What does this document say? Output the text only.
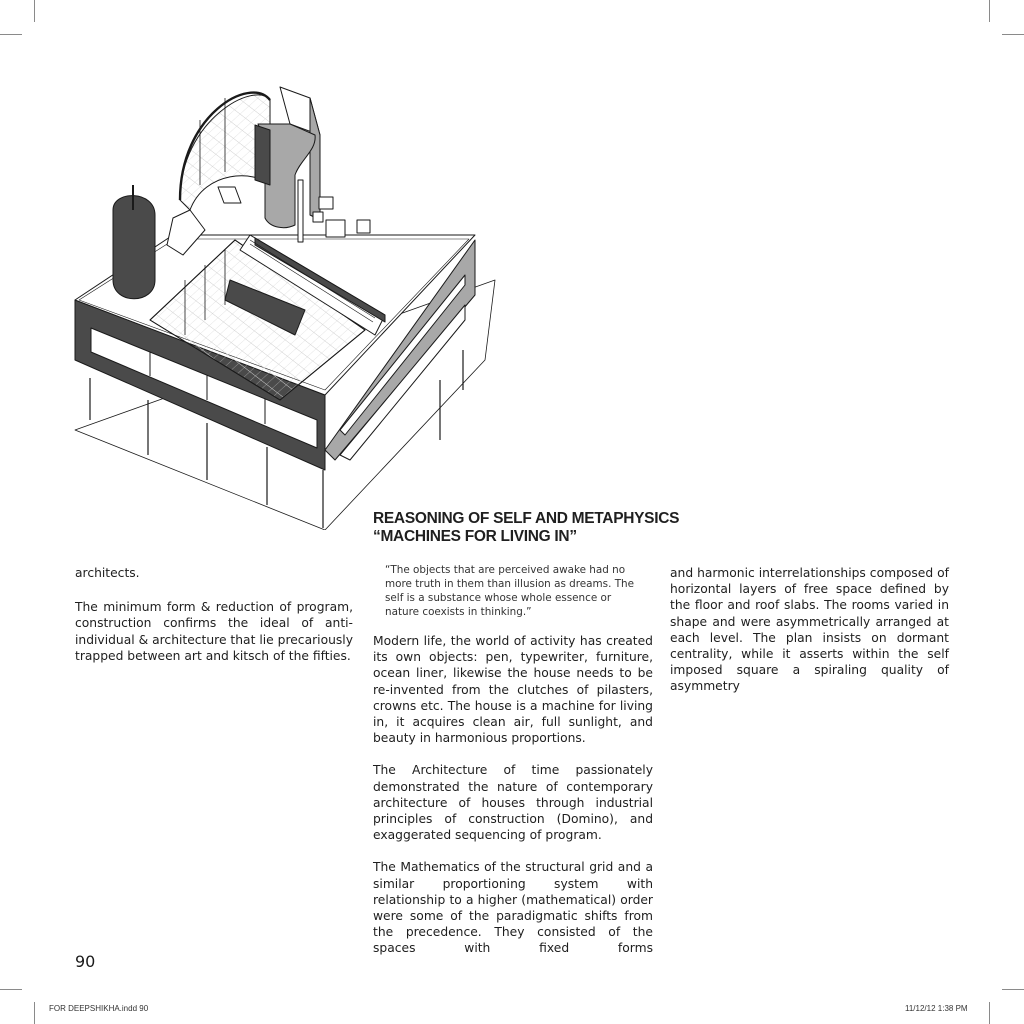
REASONING OF SELF AND METAPHYSICS
“MACHINES FOR LIVING IN”

architects.

The minimum form & reduction of program, construction confirms the ideal of anti-individual & architecture that lie precariously trapped between art and kitsch of the fifties.

“The objects that are perceived awake had no more truth in them than illusion as dreams. The self is a substance whose whole essence or nature coexists in thinking.”

Modern life, the world of activity has created its own objects: pen, typewriter, furniture, ocean liner, likewise the house needs to be re-invented from the clutches of pilasters, crowns etc. The house is a machine for living in, it acquires clean air, full sunlight, and beauty in harmonious proportions.

The Architecture of time passionately demonstrated the nature of contemporary architecture of houses through industrial principles of construction (Domino), and exaggerated sequencing of program.

The Mathematics of the structural grid and a similar proportioning system with relationship to a higher (mathematical) order were some of the paradigmatic shifts from the precedence. They consisted of the spaces with fixed forms

and harmonic interrelationships composed of horizontal layers of free space defined by the floor and roof slabs. The rooms varied in shape and were asymmetrically arranged at each level. The plan insists on dormant centrality, while it asserts within the self imposed square a spiraling quality of asymmetry

90
FOR DEEPSHIKHA.indd 90	11/12/12 1:38 PM
